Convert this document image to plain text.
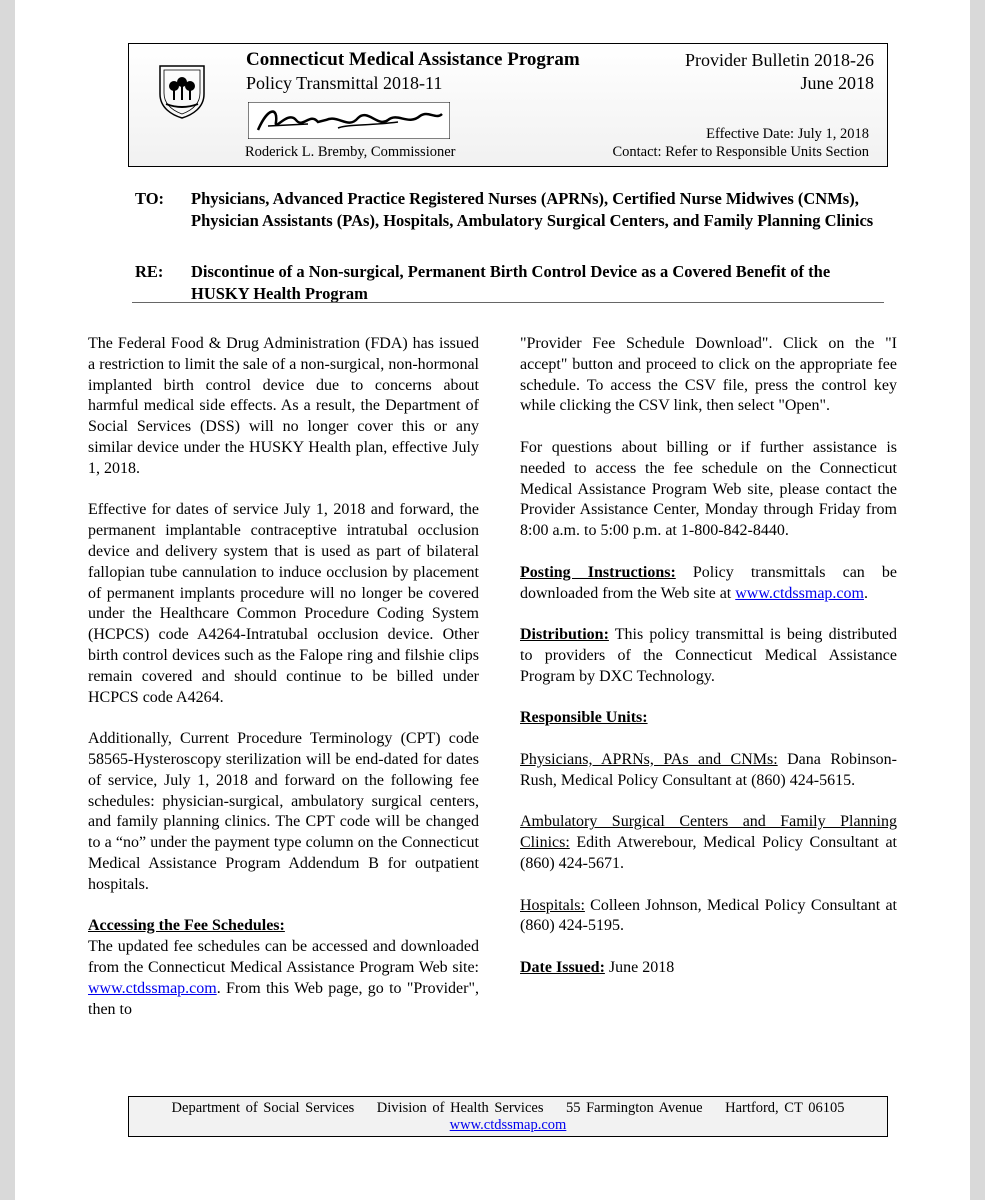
Connecticut Medical Assistance Program
Policy Transmittal 2018-11
Provider Bulletin 2018-26
June 2018
Roderick L. Bremby, Commissioner
Effective Date: July 1, 2018
Contact: Refer to Responsible Units Section
TO: Physicians, Advanced Practice Registered Nurses (APRNs), Certified Nurse Midwives (CNMs), Physician Assistants (PAs), Hospitals, Ambulatory Surgical Centers, and Family Planning Clinics
RE: Discontinue of a Non-surgical, Permanent Birth Control Device as a Covered Benefit of the HUSKY Health Program

The Federal Food & Drug Administration (FDA) has issued a restriction to limit the sale of a non-surgical, non-hormonal implanted birth control device due to concerns about harmful medical side effects. As a result, the Department of Social Services (DSS) will no longer cover this or any similar device under the HUSKY Health plan, effective July 1, 2018.

Effective for dates of service July 1, 2018 and forward, the permanent implantable contraceptive intratubal occlusion device and delivery system that is used as part of bilateral fallopian tube cannulation to induce occlusion by placement of permanent implants procedure will no longer be covered under the Healthcare Common Procedure Coding System (HCPCS) code A4264-Intratubal occlusion device. Other birth control devices such as the Falope ring and filshie clips remain covered and should continue to be billed under HCPCS code A4264.

Additionally, Current Procedure Terminology (CPT) code 58565-Hysteroscopy sterilization will be end-dated for dates of service, July 1, 2018 and forward on the following fee schedules: physician-surgical, ambulatory surgical centers, and family planning clinics. The CPT code will be changed to a “no” under the payment type column on the Connecticut Medical Assistance Program Addendum B for outpatient hospitals.

Accessing the Fee Schedules:
The updated fee schedules can be accessed and downloaded from the Connecticut Medical Assistance Program Web site: www.ctdssmap.com. From this Web page, go to "Provider", then to

"Provider Fee Schedule Download". Click on the "I accept" button and proceed to click on the appropriate fee schedule. To access the CSV file, press the control key while clicking the CSV link, then select "Open".

For questions about billing or if further assistance is needed to access the fee schedule on the Connecticut Medical Assistance Program Web site, please contact the Provider Assistance Center, Monday through Friday from 8:00 a.m. to 5:00 p.m. at 1-800-842-8440.

Posting Instructions: Policy transmittals can be downloaded from the Web site at www.ctdssmap.com.

Distribution: This policy transmittal is being distributed to providers of the Connecticut Medical Assistance Program by DXC Technology.

Responsible Units:

Physicians, APRNs, PAs and CNMs: Dana Robinson-Rush, Medical Policy Consultant at (860) 424-5615.

Ambulatory Surgical Centers and Family Planning Clinics: Edith Atwerebour, Medical Policy Consultant at (860) 424-5671.

Hospitals: Colleen Johnson, Medical Policy Consultant at (860) 424-5195.

Date Issued: June 2018

Department of Social Services Division of Health Services 55 Farmington Avenue Hartford, CT 06105
www.ctdssmap.com
